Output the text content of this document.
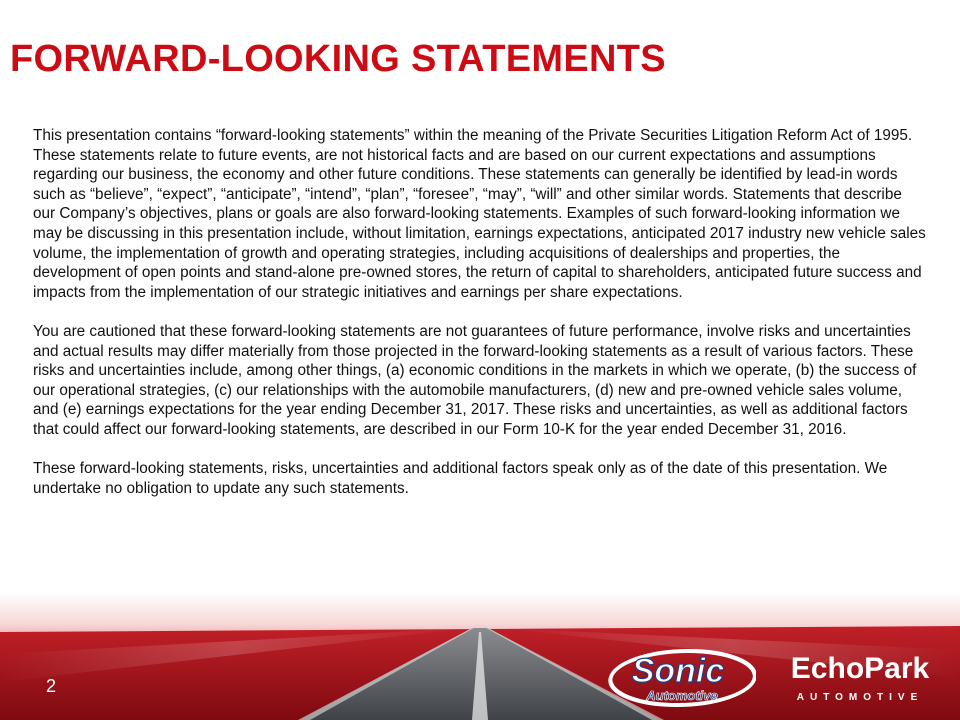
FORWARD-LOOKING STATEMENTS

This presentation contains “forward-looking statements” within the meaning of the Private Securities Litigation Reform Act of 1995. These statements relate to future events, are not historical facts and are based on our current expectations and assumptions regarding our business, the economy and other future conditions. These statements can generally be identified by lead-in words such as “believe”, “expect”, “anticipate”, “intend”, “plan”, “foresee”, “may”, “will” and other similar words. Statements that describe our Company’s objectives, plans or goals are also forward-looking statements. Examples of such forward-looking information we may be discussing in this presentation include, without limitation, earnings expectations, anticipated 2017 industry new vehicle sales volume, the implementation of growth and operating strategies, including acquisitions of dealerships and properties, the development of open points and stand-alone pre-owned stores, the return of capital to shareholders, anticipated future success and impacts from the implementation of our strategic initiatives and earnings per share expectations.

You are cautioned that these forward-looking statements are not guarantees of future performance, involve risks and uncertainties and actual results may differ materially from those projected in the forward-looking statements as a result of various factors. These risks and uncertainties include, among other things, (a) economic conditions in the markets in which we operate, (b) the success of our operational strategies, (c) our relationships with the automobile manufacturers, (d) new and pre-owned vehicle sales volume, and (e) earnings expectations for the year ending December 31, 2017. These risks and uncertainties, as well as additional factors that could affect our forward-looking statements, are described in our Form 10-K for the year ended December 31, 2016.

These forward-looking statements, risks, uncertainties and additional factors speak only as of the date of this presentation. We undertake no obligation to update any such statements.

2	Sonic
Automotive
EchoPark
AUTOMOTIVE
